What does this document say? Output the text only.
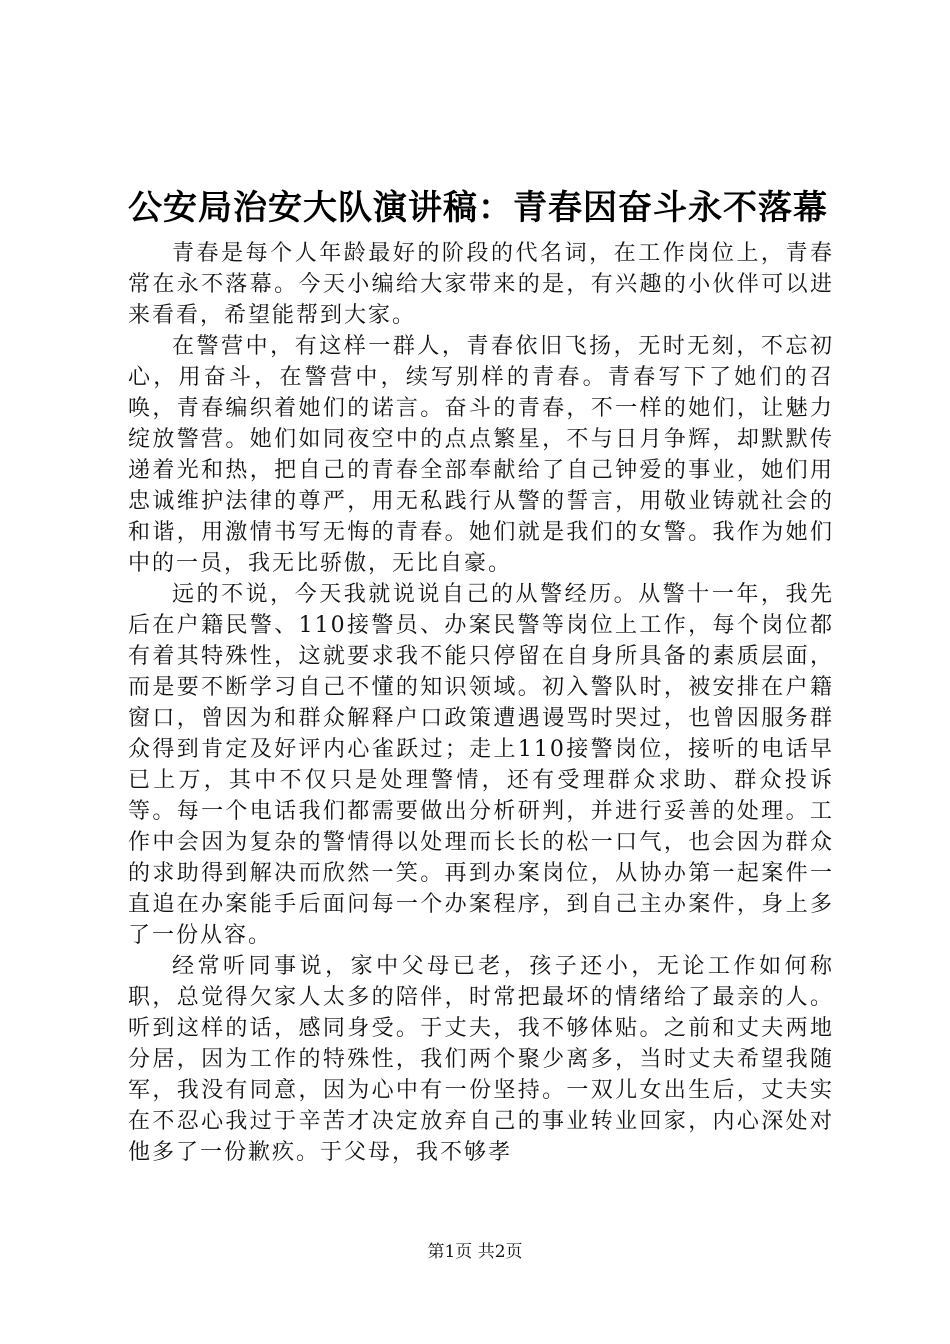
公安局治安大队演讲稿：青春因奋斗永不落幕

青春是每个人年龄最好的阶段的代名词，在工作岗位上，青春常在永不落幕。今天小编给大家带来的是，有兴趣的小伙伴可以进来看看，希望能帮到大家。

在警营中，有这样一群人，青春依旧飞扬，无时无刻，不忘初心，用奋斗，在警营中，续写别样的青春。青春写下了她们的召唤，青春编织着她们的诺言。奋斗的青春，不一样的她们，让魅力绽放警营。她们如同夜空中的点点繁星，不与日月争辉，却默默传递着光和热，把自己的青春全部奉献给了自己钟爱的事业，她们用忠诚维护法律的尊严，用无私践行从警的誓言，用敬业铸就社会的和谐，用激情书写无悔的青春。她们就是我们的女警。我作为她们中的一员，我无比骄傲，无比自豪。

远的不说，今天我就说说自己的从警经历。从警十一年，我先后在户籍民警、110接警员、办案民警等岗位上工作，每个岗位都有着其特殊性，这就要求我不能只停留在自身所具备的素质层面，而是要不断学习自己不懂的知识领域。初入警队时，被安排在户籍窗口，曾因为和群众解释户口政策遭遇谩骂时哭过，也曾因服务群众得到肯定及好评内心雀跃过；走上110接警岗位，接听的电话早已上万，其中不仅只是处理警情，还有受理群众求助、群众投诉等。每一个电话我们都需要做出分析研判，并进行妥善的处理。工作中会因为复杂的警情得以处理而长长的松一口气，也会因为群众的求助得到解决而欣然一笑。再到办案岗位，从协办第一起案件一直追在办案能手后面问每一个办案程序，到自己主办案件，身上多了一份从容。

经常听同事说，家中父母已老，孩子还小，无论工作如何称职，总觉得欠家人太多的陪伴，时常把最坏的情绪给了最亲的人。听到这样的话，感同身受。于丈夫，我不够体贴。之前和丈夫两地分居，因为工作的特殊性，我们两个聚少离多，当时丈夫希望我随军，我没有同意，因为心中有一份坚持。一双儿女出生后，丈夫实在不忍心我过于辛苦才决定放弃自己的事业转业回家，内心深处对他多了一份歉疚。于父母，我不够孝

第1页 共2页
